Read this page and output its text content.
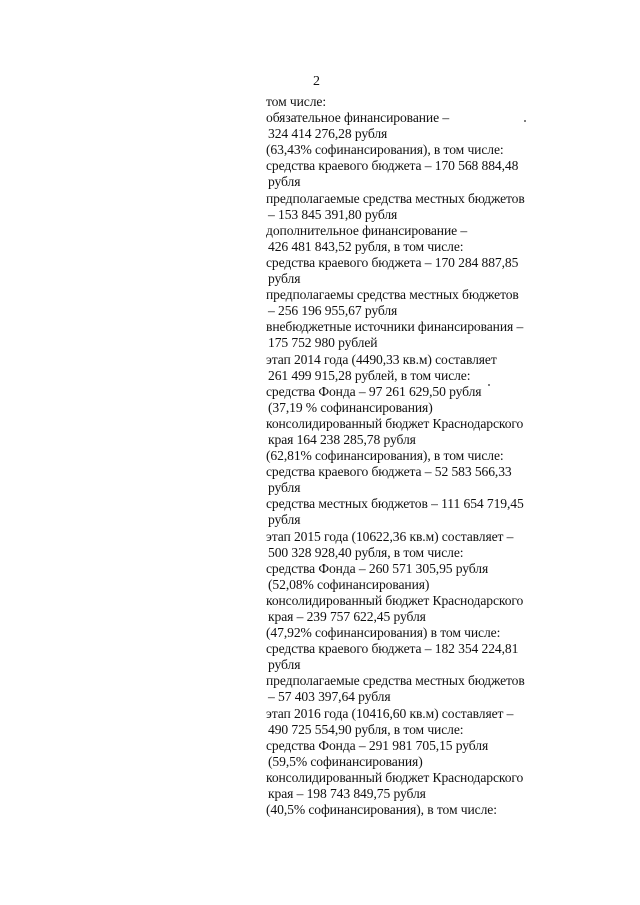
2
том числе:
обязательное финансирование –
324 414 276,28 рубля
(63,43% софинансирования), в том числе:
средства краевого бюджета – 170 568 884,48
рубля
предполагаемые средства местных бюджетов
– 153 845 391,80 рубля
дополнительное финансирование –
426 481 843,52 рубля, в том числе:
средства краевого бюджета – 170 284 887,85
рубля
предполагаемы средства местных бюджетов
– 256 196 955,67 рубля
внебюджетные источники финансирования –
175 752 980 рублей
этап 2014 года (4490,33 кв.м) составляет
261 499 915,28 рублей, в том числе:
средства Фонда – 97 261 629,50 рубля
(37,19 % софинансирования)
консолидированный бюджет Краснодарского
края 164 238 285,78 рубля
(62,81% софинансирования), в том числе:
средства краевого бюджета – 52 583 566,33
рубля
средства местных бюджетов – 111 654 719,45
рубля
этап 2015 года (10622,36 кв.м) составляет –
500 328 928,40 рубля, в том числе:
средства Фонда – 260 571 305,95 рубля
(52,08% софинансирования)
консолидированный бюджет Краснодарского
края – 239 757 622,45 рубля
(47,92% софинансирования) в том числе:
средства краевого бюджета – 182 354 224,81
рубля
предполагаемые средства местных бюджетов
– 57 403 397,64 рубля
этап 2016 года (10416,60 кв.м) составляет –
490 725 554,90 рубля, в том числе:
средства Фонда – 291 981 705,15 рубля
(59,5% софинансирования)
консолидированный бюджет Краснодарского
края – 198 743 849,75 рубля
(40,5% софинансирования), в том числе:
